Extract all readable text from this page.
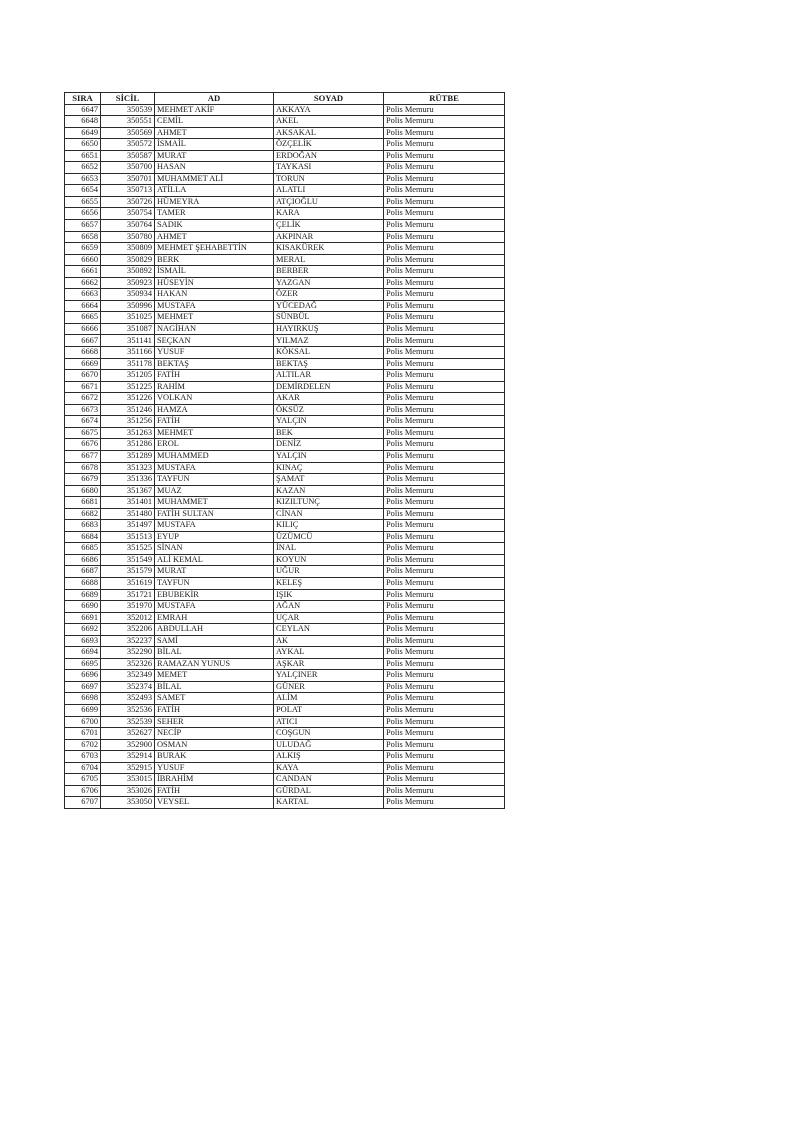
SIRA	SİCİL	AD	SOYAD	RÜTBE
6647	350539	MEHMET AKİF	AKKAYA	Polis Memuru
6648	350551	CEMİL	AKEL	Polis Memuru
6649	350569	AHMET	AKSAKAL	Polis Memuru
6650	350572	İSMAİL	ÖZÇELİK	Polis Memuru
6651	350587	MURAT	ERDOĞAN	Polis Memuru
6652	350700	HASAN	TAYKASI	Polis Memuru
6653	350701	MUHAMMET ALİ	TORUN	Polis Memuru
6654	350713	ATİLLA	ALATLI	Polis Memuru
6655	350726	HÜMEYRA	ATÇIOĞLU	Polis Memuru
6656	350754	TAMER	KARA	Polis Memuru
6657	350764	SADIK	ÇELİK	Polis Memuru
6658	350780	AHMET	AKPINAR	Polis Memuru
6659	350809	MEHMET ŞEHABETTİN	KISAKÜREK	Polis Memuru
6660	350829	BERK	MERAL	Polis Memuru
6661	350892	İSMAİL	BERBER	Polis Memuru
6662	350923	HÜSEYİN	YAZGAN	Polis Memuru
6663	350934	HAKAN	ÖZER	Polis Memuru
6664	350996	MUSTAFA	YÜCEDAĞ	Polis Memuru
6665	351025	MEHMET	SÜNBÜL	Polis Memuru
6666	351087	NAGİHAN	HAYIRKUŞ	Polis Memuru
6667	351141	SEÇKAN	YILMAZ	Polis Memuru
6668	351166	YUSUF	KÖKSAL	Polis Memuru
6669	351178	BEKTAŞ	BEKTAŞ	Polis Memuru
6670	351205	FATİH	ALTILAR	Polis Memuru
6671	351225	RAHİM	DEMİRDELEN	Polis Memuru
6672	351226	VOLKAN	AKAR	Polis Memuru
6673	351246	HAMZA	ÖKSÜZ	Polis Memuru
6674	351256	FATİH	YALÇIN	Polis Memuru
6675	351263	MEHMET	BEK	Polis Memuru
6676	351286	EROL	DENİZ	Polis Memuru
6677	351289	MUHAMMED	YALÇIN	Polis Memuru
6678	351323	MUSTAFA	KINAÇ	Polis Memuru
6679	351336	TAYFUN	ŞAMAT	Polis Memuru
6680	351367	MUAZ	KAZAN	Polis Memuru
6681	351401	MUHAMMET	KIZILTUNÇ	Polis Memuru
6682	351480	FATİH SULTAN	CİNAN	Polis Memuru
6683	351497	MUSTAFA	KILIÇ	Polis Memuru
6684	351513	EYUP	ÜZÜMCÜ	Polis Memuru
6685	351525	SİNAN	İNAL	Polis Memuru
6686	351549	ALİ KEMAL	KOYUN	Polis Memuru
6687	351579	MURAT	UĞUR	Polis Memuru
6688	351619	TAYFUN	KELEŞ	Polis Memuru
6689	351721	EBUBEKİR	IŞIK	Polis Memuru
6690	351970	MUSTAFA	AĞAN	Polis Memuru
6691	352012	EMRAH	UÇAR	Polis Memuru
6692	352206	ABDULLAH	CEYLAN	Polis Memuru
6693	352237	SAMİ	AK	Polis Memuru
6694	352290	BİLAL	AYKAL	Polis Memuru
6695	352326	RAMAZAN YUNUS	AŞKAR	Polis Memuru
6696	352349	MEMET	YALÇINER	Polis Memuru
6697	352374	BİLAL	GÜNER	Polis Memuru
6698	352493	SAMET	ALİM	Polis Memuru
6699	352536	FATİH	POLAT	Polis Memuru
6700	352539	SEHER	ATICI	Polis Memuru
6701	352627	NECİP	COŞGUN	Polis Memuru
6702	352900	OSMAN	ULUDAĞ	Polis Memuru
6703	352914	BURAK	ALKIŞ	Polis Memuru
6704	352915	YUSUF	KAYA	Polis Memuru
6705	353015	İBRAHİM	CANDAN	Polis Memuru
6706	353026	FATİH	GÜRDAL	Polis Memuru
6707	353050	VEYSEL	KARTAL	Polis Memuru
